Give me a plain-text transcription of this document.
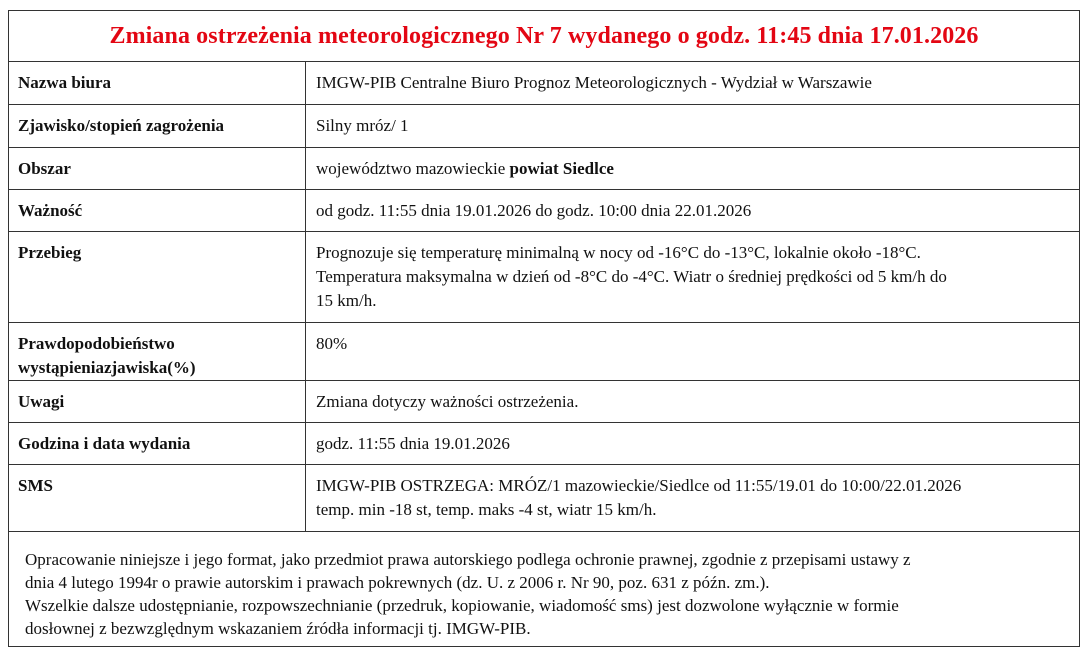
Zmiana ostrzeżenia meteorologicznego Nr 7 wydanego o godz. 11:45 dnia 17.01.2026
Nazwa biura	IMGW-PIB Centralne Biuro Prognoz Meteorologicznych - Wydział w Warszawie
Zjawisko/stopień zagrożenia	Silny mróz/ 1
Obszar	województwo mazowieckie powiat Siedlce
Ważność	od godz. 11:55 dnia 19.01.2026 do godz. 10:00 dnia 22.01.2026
Przebieg	Prognozuje się temperaturę minimalną w nocy od -16°C do -13°C, lokalnie około -18°C.
Temperatura maksymalna w dzień od -8°C do -4°C. Wiatr o średniej prędkości od 5 km/h do
15 km/h.

Prawdopodobieństwo
wystąpieniazjawiska(%)	80%
Uwagi	Zmiana dotyczy ważności ostrzeżenia.
Godzina i data wydania	godz. 11:55 dnia 19.01.2026
SMS	IMGW-PIB OSTRZEGA: MRÓZ/1 mazowieckie/Siedlce od 11:55/19.01 do 10:00/22.01.2026
temp. min -18 st, temp. maks -4 st, wiatr 15 km/h.

Opracowanie niniejsze i jego format, jako przedmiot prawa autorskiego podlega ochronie prawnej, zgodnie z przepisami ustawy z

dnia 4 lutego 1994r o prawie autorskim i prawach pokrewnych (dz. U. z 2006 r. Nr 90, poz. 631 z późn. zm.).

Wszelkie dalsze udostępnianie, rozpowszechnianie (przedruk, kopiowanie, wiadomość sms) jest dozwolone wyłącznie w formie

dosłownej z bezwzględnym wskazaniem źródła informacji tj. IMGW-PIB.
